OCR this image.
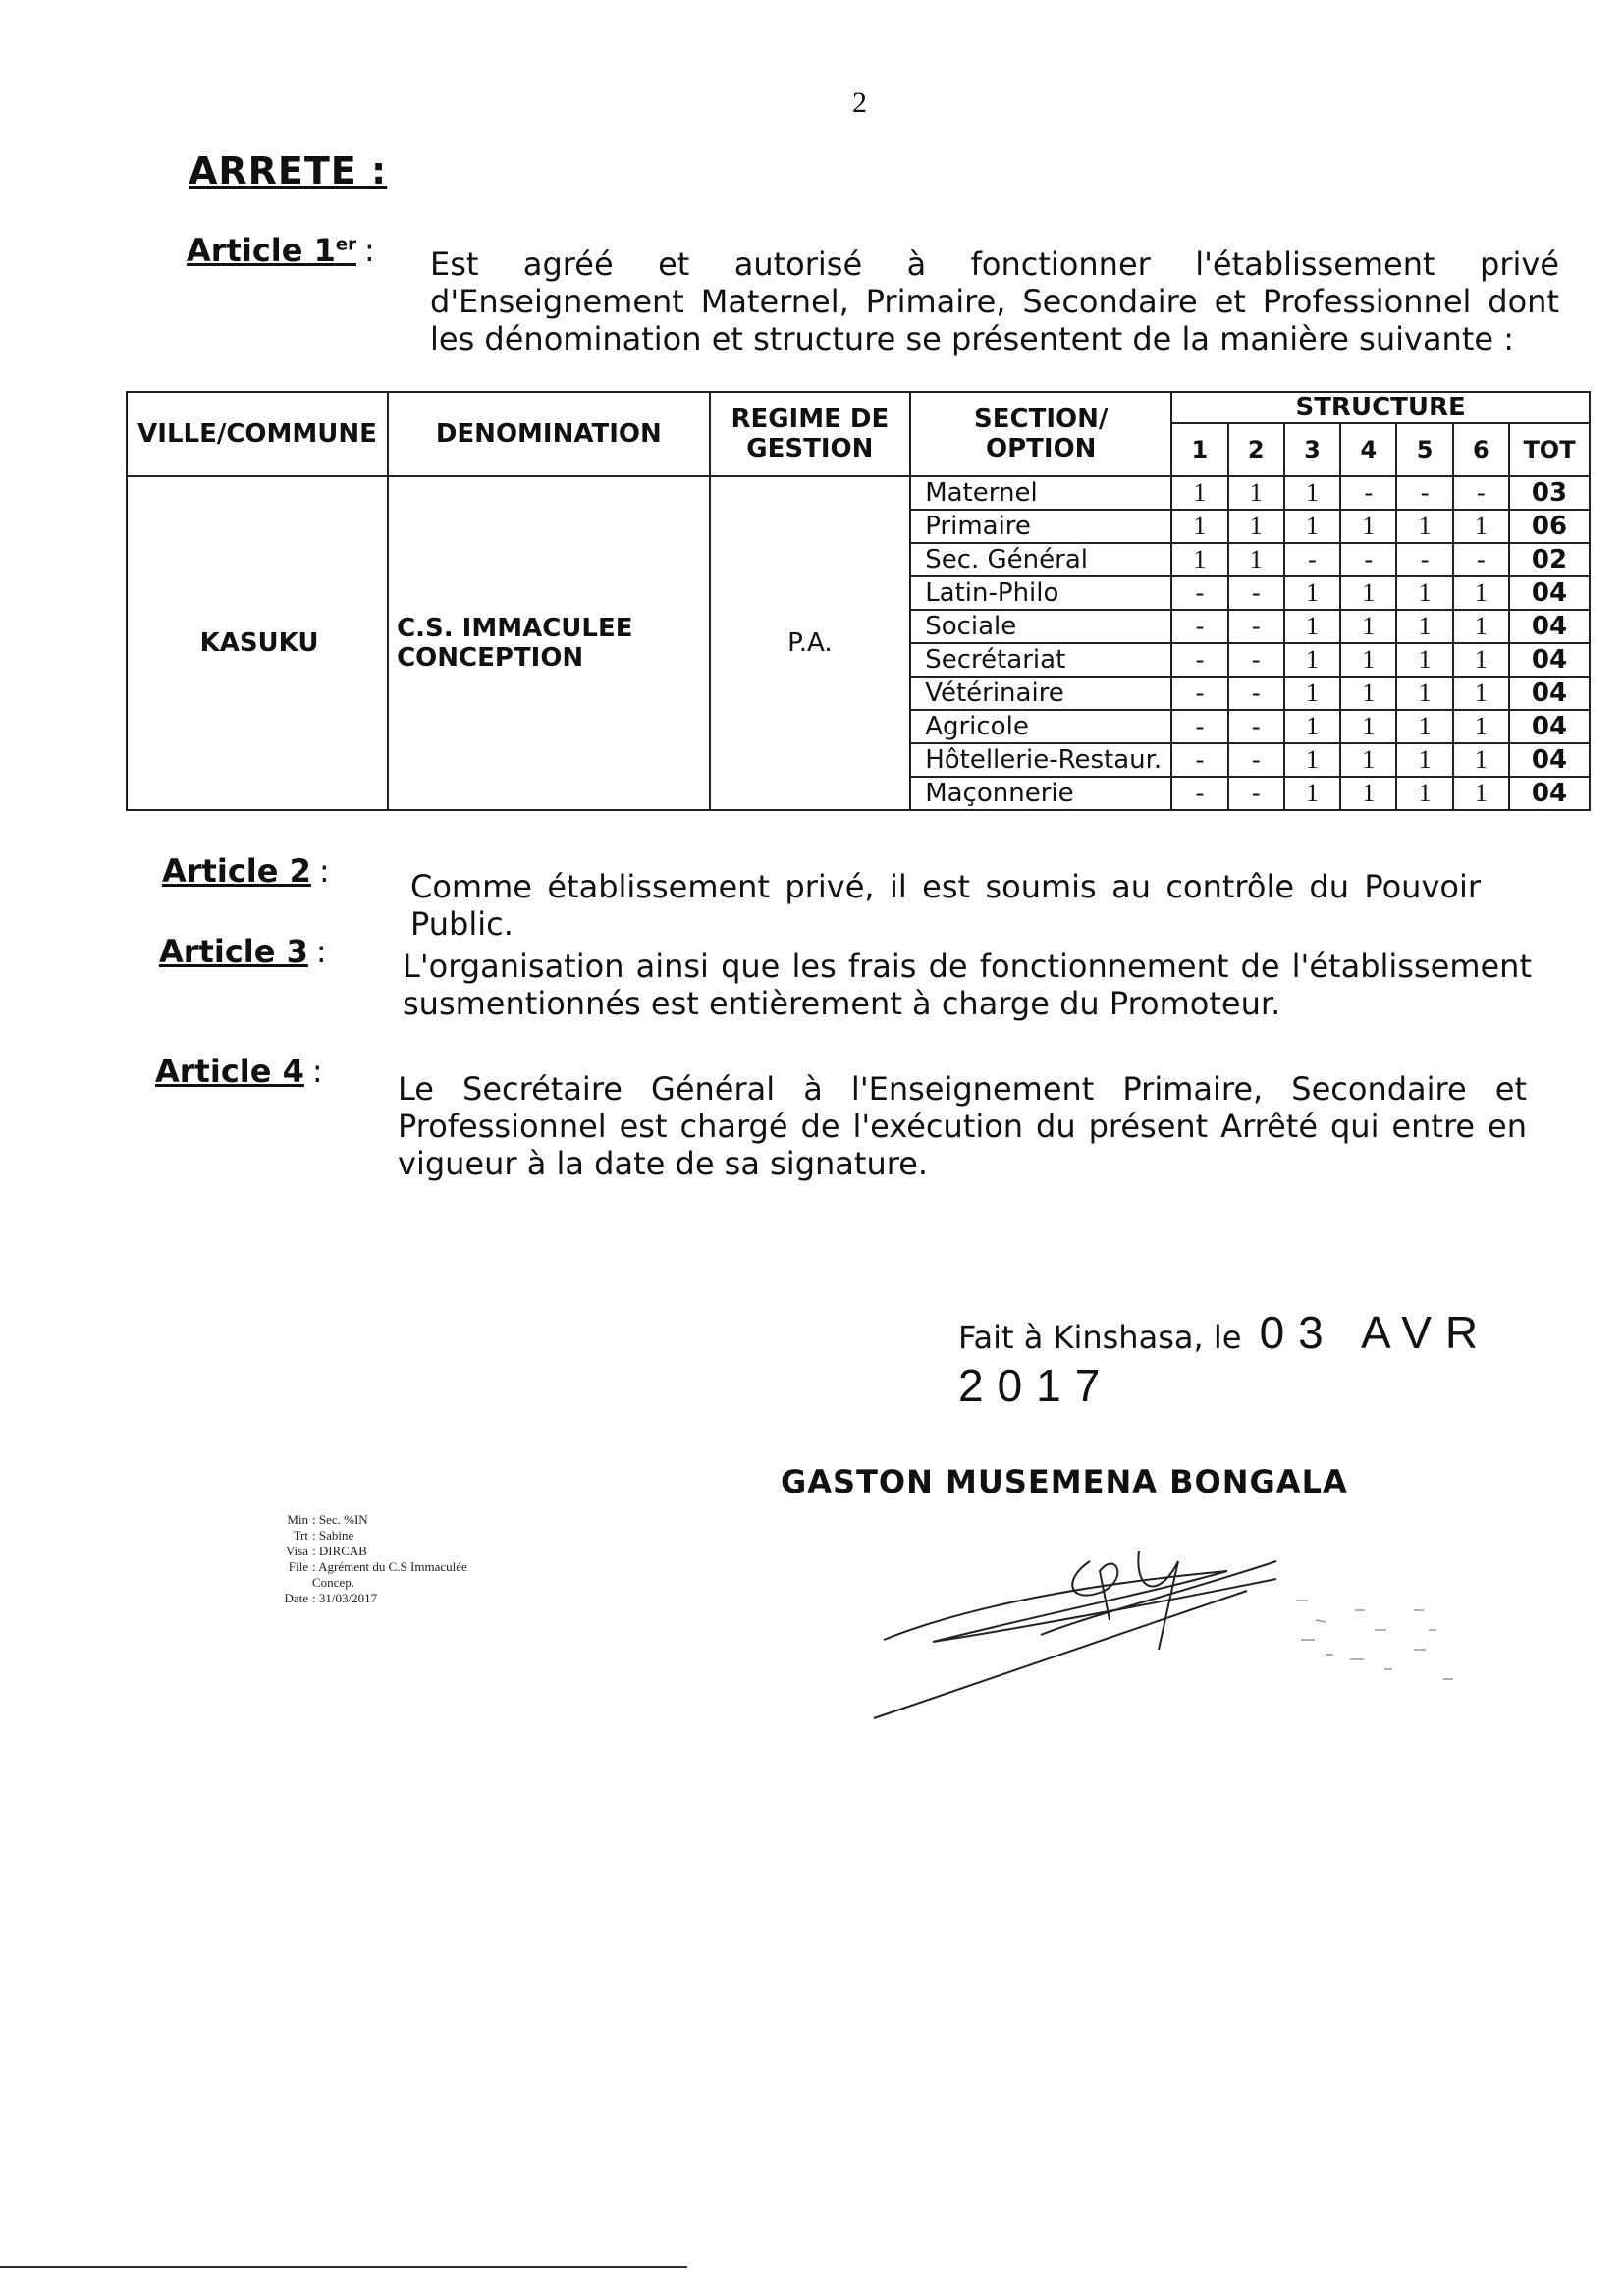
2
ARRETE :
Article 1er : Est agréé et autorisé à fonctionner l'établissement privé d'Enseignement Maternel, Primaire, Secondaire et Professionnel dont les dénomination et structure se présentent de la manière suivante :
VILLE/COMMUNE	DENOMINATION	REGIME DE GESTION	SECTION/ OPTION	STRUCTURE						
				1	2	3	4	5	6	TOT
KASUKU	C.S. IMMACULEE CONCEPTION	P.A.	Maternel	1	1	1	-	-	-	03
			Primaire	1	1	1	1	1	1	06
			Sec. Général	1	1	-	-	-	-	02
			Latin-Philo	-	-	1	1	1	1	04
			Sociale	-	-	1	1	1	1	04
			Secrétariat	-	-	1	1	1	1	04
			Vétérinaire	-	-	1	1	1	1	04
			Agricole	-	-	1	1	1	1	04
			Hôtellerie-Restaur.	-	-	1	1	1	1	04
			Maçonnerie	-	-	1	1	1	1	04
Article 2 :	Comme établissement privé, il est soumis au contrôle du Pouvoir Public.
Article 3 : L'organisation ainsi que les frais de fonctionnement de l'établissement susmentionnés est entièrement à charge du Promoteur.
Article 4 : Le Secrétaire Général à l'Enseignement Primaire, Secondaire et Professionnel est chargé de l'exécution du présent Arrêté qui entre en vigueur à la date de sa signature.
Fait à Kinshasa, le 03 AVR 2017
GASTON MUSEMENA BONGALA
Min : Sec. %IN
Trt : Sabine
Visa : DIRCAB
File : Agrément du C.S Immaculée
Concep.
Date : 31/03/2017
